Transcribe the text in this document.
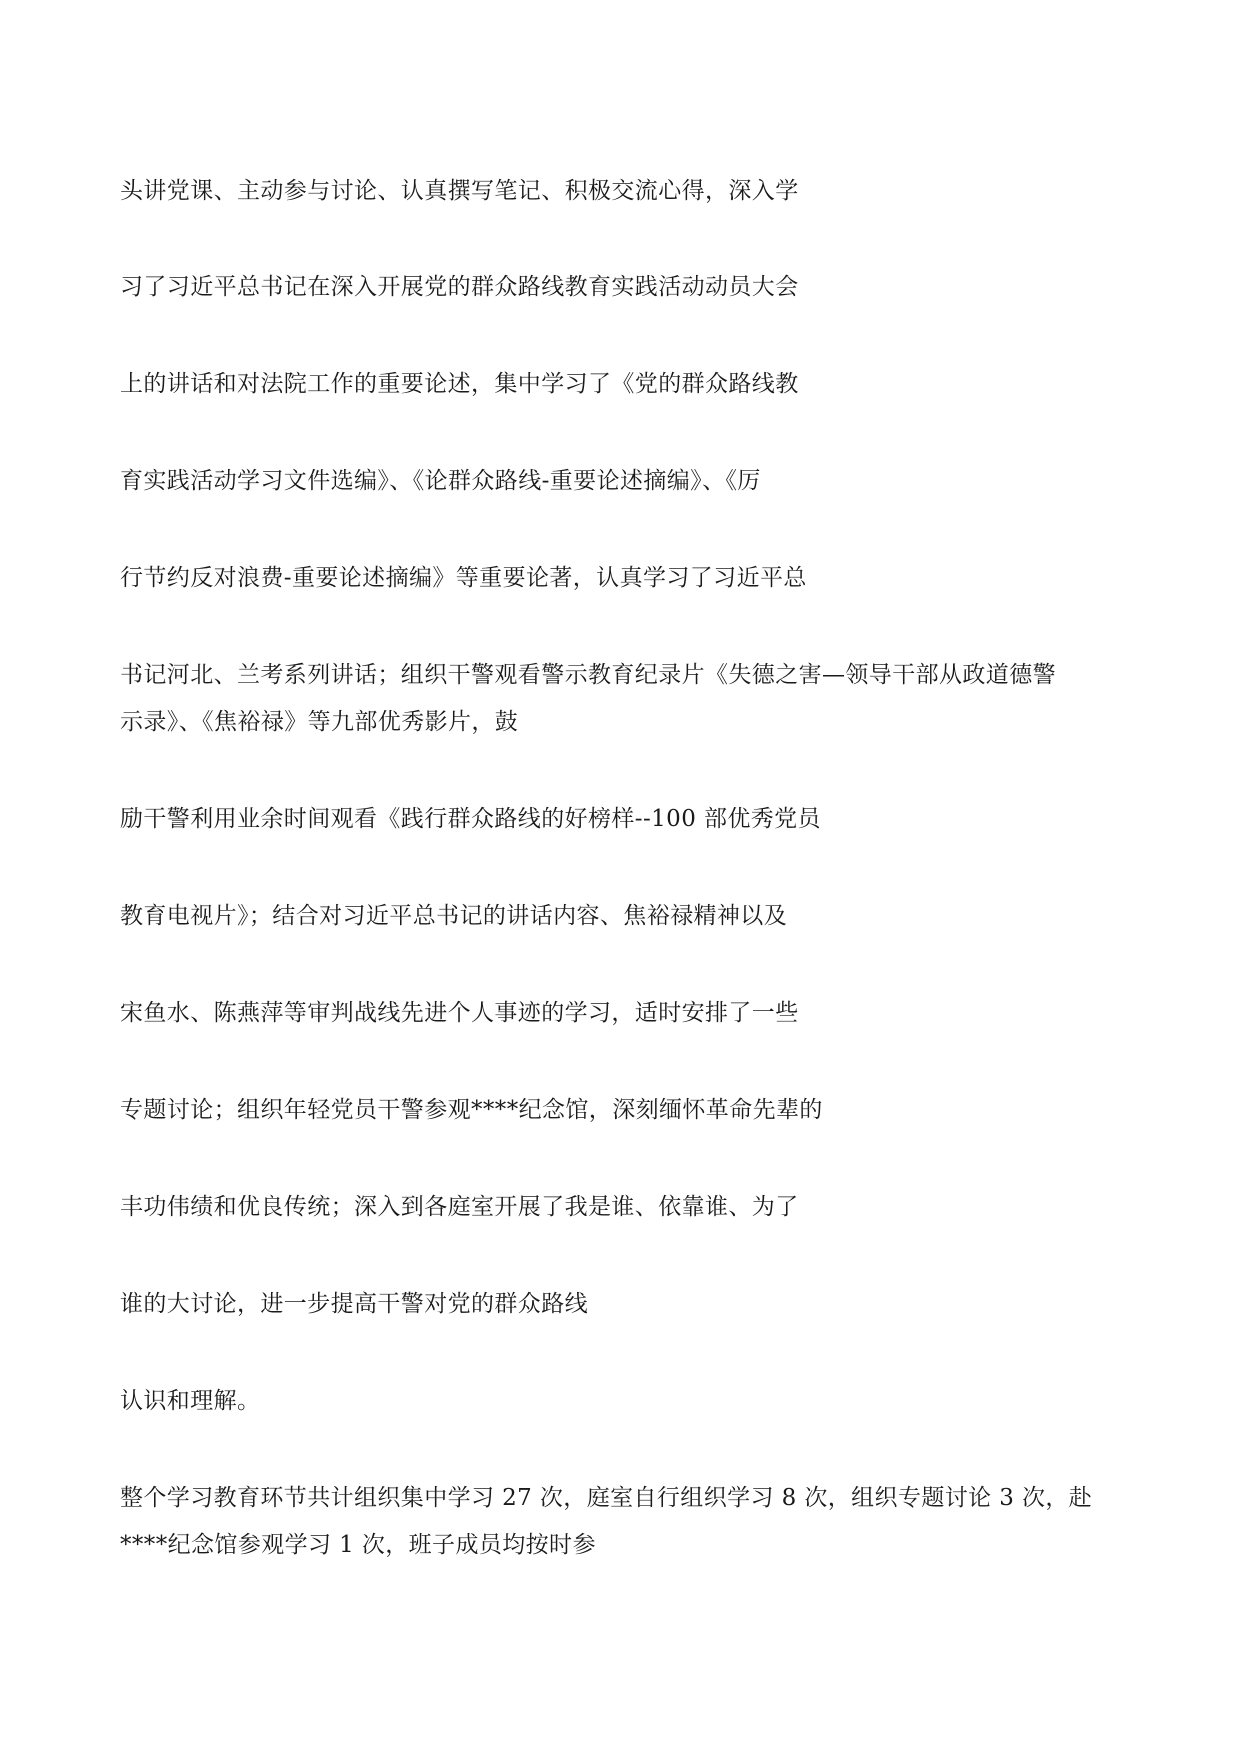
头讲党课、主动参与讨论、认真撰写笔记、积极交流心得，深入学
习了习近平总书记在深入开展党的群众路线教育实践活动动员大会
上的讲话和对法院工作的重要论述，集中学习了《党的群众路线教
育实践活动学习文件选编》、《论群众路线-重要论述摘编》、《厉
行节约反对浪费-重要论述摘编》等重要论著，认真学习了习近平总
书记河北、兰考系列讲话；组织干警观看警示教育纪录片《失德之害—领导干部从政道德警
示录》、《焦裕禄》等九部优秀影片，鼓
励干警利用业余时间观看《践行群众路线的好榜样--100 部优秀党员
教育电视片》；结合对习近平总书记的讲话内容、焦裕禄精神以及
宋鱼水、陈燕萍等审判战线先进个人事迹的学习，适时安排了一些
专题讨论；组织年轻党员干警参观****纪念馆，深刻缅怀革命先辈的
丰功伟绩和优良传统；深入到各庭室开展了我是谁、依靠谁、为了
谁的大讨论，进一步提高干警对党的群众路线
认识和理解。
整个学习教育环节共计组织集中学习 27 次，庭室自行组织学习 8 次，组织专题讨论 3 次，赴
****纪念馆参观学习 1 次，班子成员均按时参
